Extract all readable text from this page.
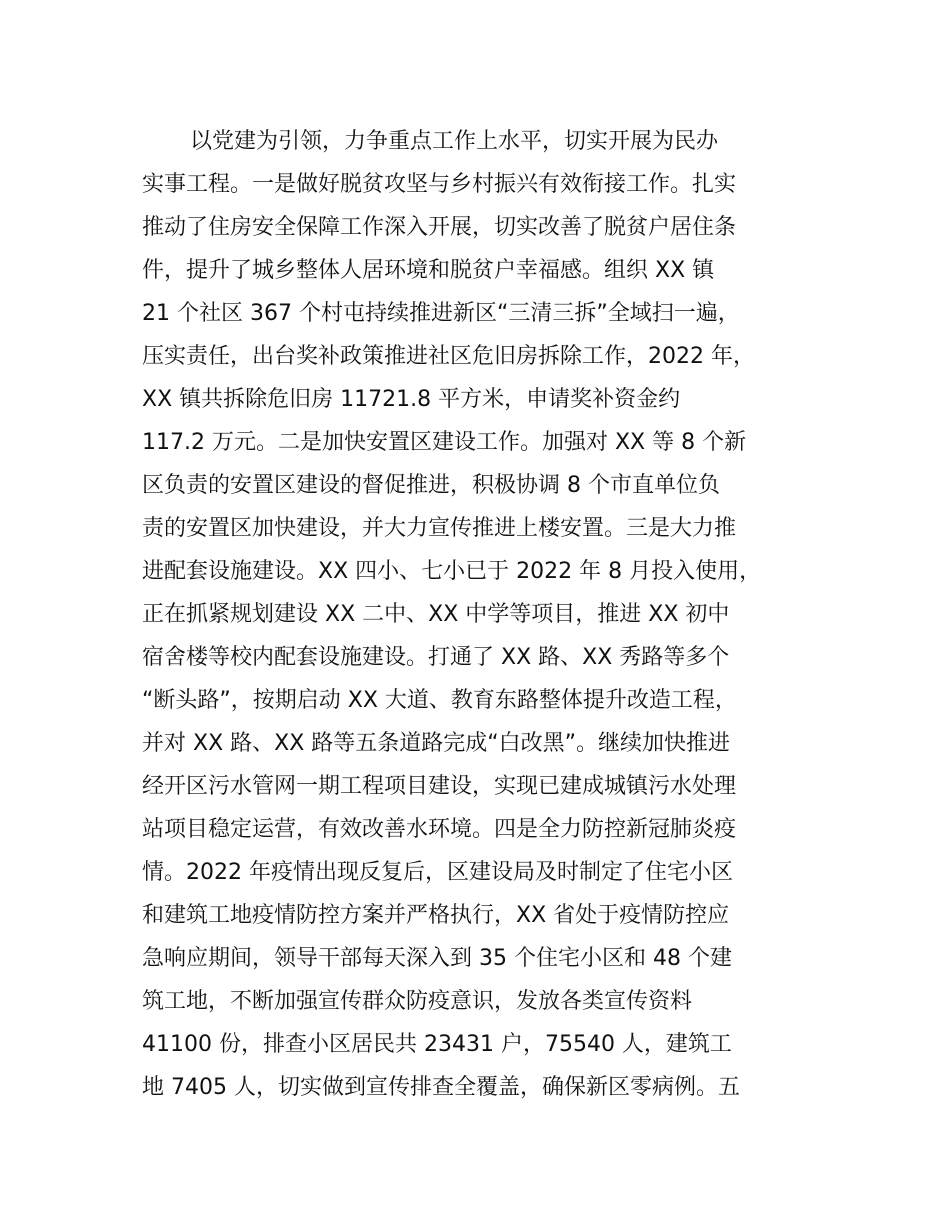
以党建为引领，力争重点工作上水平，切实开展为民办
实事工程。一是做好脱贫攻坚与乡村振兴有效衔接工作。扎实
推动了住房安全保障工作深入开展，切实改善了脱贫户居住条
件，提升了城乡整体人居环境和脱贫户幸福感。组织 XX 镇
21 个社区 367 个村屯持续推进新区“三清三拆”全域扫一遍，
压实责任，出台奖补政策推进社区危旧房拆除工作，2022 年，
XX 镇共拆除危旧房 11721.8 平方米，申请奖补资金约
117.2 万元。二是加快安置区建设工作。加强对 XX 等 8 个新
区负责的安置区建设的督促推进，积极协调 8 个市直单位负
责的安置区加快建设，并大力宣传推进上楼安置。三是大力推
进配套设施建设。XX 四小、七小已于 2022 年 8 月投入使用，
正在抓紧规划建设 XX 二中、XX 中学等项目，推进 XX 初中
宿舍楼等校内配套设施建设。打通了 XX 路、XX 秀路等多个
“断头路”，按期启动 XX 大道、教育东路整体提升改造工程，
并对 XX 路、XX 路等五条道路完成“白改黑”。继续加快推进
经开区污水管网一期工程项目建设，实现已建成城镇污水处理
站项目稳定运营，有效改善水环境。四是全力防控新冠肺炎疫
情。2022 年疫情出现反复后，区建设局及时制定了住宅小区
和建筑工地疫情防控方案并严格执行，XX 省处于疫情防控应
急响应期间，领导干部每天深入到 35 个住宅小区和 48 个建
筑工地，不断加强宣传群众防疫意识，发放各类宣传资料
41100 份，排查小区居民共 23431 户，75540 人，建筑工
地 7405 人，切实做到宣传排查全覆盖，确保新区零病例。五
